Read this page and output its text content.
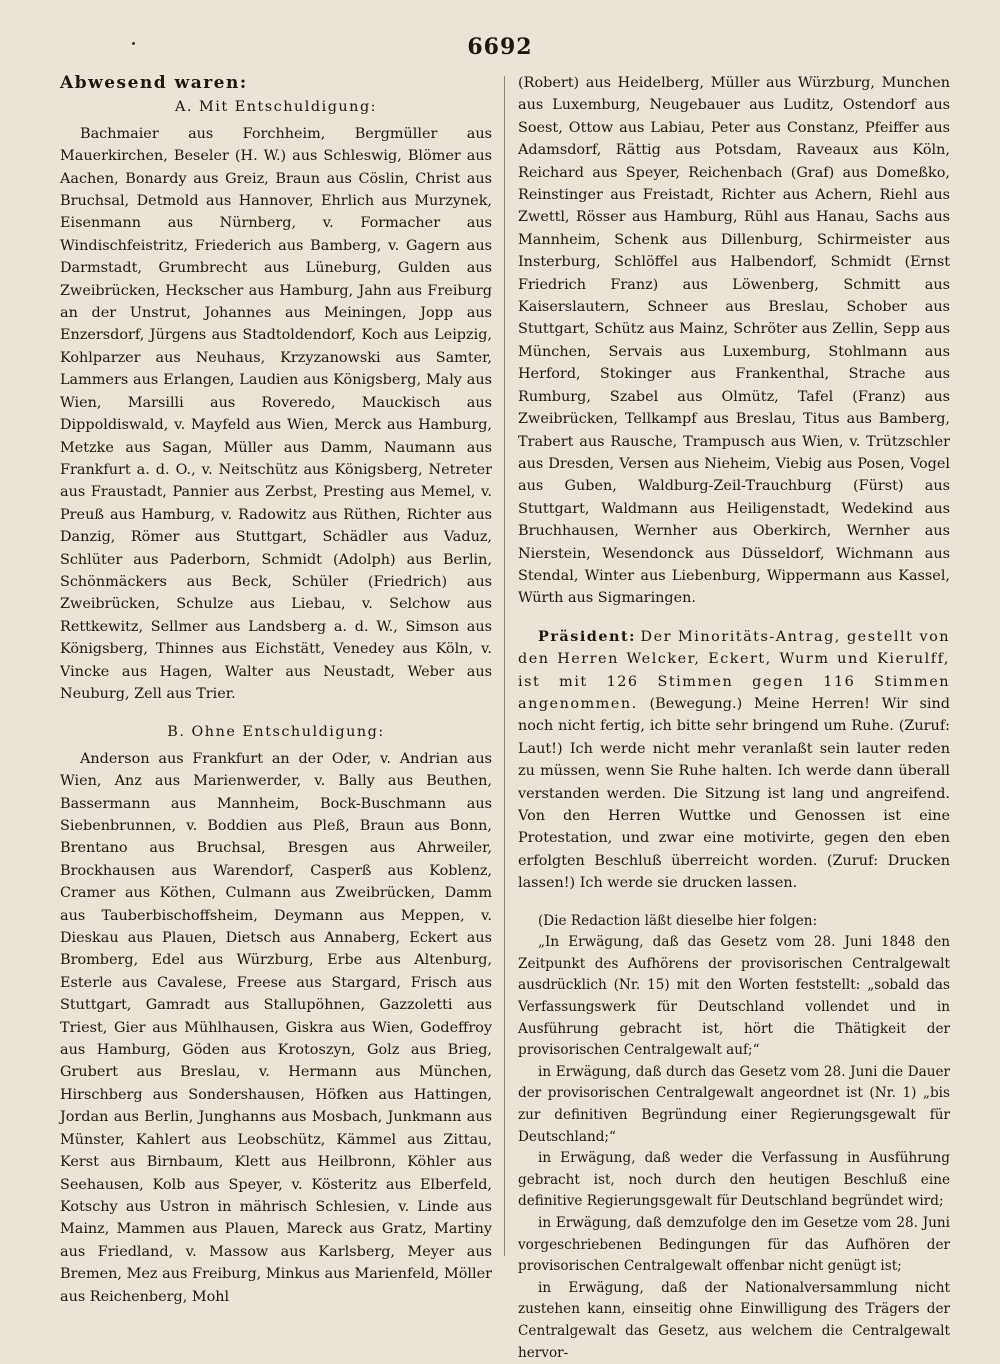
6692

Abwesend waren:

A. Mit Entschuldigung:

Bachmaier aus Forchheim, Bergmüller aus Mauerkirchen, Beseler (H. W.) aus Schleswig, Blömer aus Aachen, Bonardy aus Greiz, Braun aus Cöslin, Christ aus Bruchsal, Detmold aus Hannover, Ehrlich aus Murzynek, Eisenmann aus Nürnberg, v. Formacher aus Windischfeistritz, Friederich aus Bamberg, v. Gagern aus Darmstadt, Grumbrecht aus Lüneburg, Gulden aus Zweibrücken, Heckscher aus Hamburg, Jahn aus Freiburg an der Unstrut, Johannes aus Meiningen, Jopp aus Enzersdorf, Jürgens aus Stadtoldendorf, Koch aus Leipzig, Kohlparzer aus Neuhaus, Krzyzanowski aus Samter, Lammers aus Erlangen, Laudien aus Königsberg, Maly aus Wien, Marsilli aus Roveredo, Mauckisch aus Dippoldiswald, v. Mayfeld aus Wien, Merck aus Hamburg, Metzke aus Sagan, Müller aus Damm, Naumann aus Frankfurt a. d. O., v. Neitschütz aus Königsberg, Netreter aus Fraustadt, Pannier aus Zerbst, Presting aus Memel, v. Preuß aus Hamburg, v. Radowitz aus Rüthen, Richter aus Danzig, Römer aus Stuttgart, Schädler aus Vaduz, Schlüter aus Paderborn, Schmidt (Adolph) aus Berlin, Schönmäckers aus Beck, Schüler (Friedrich) aus Zweibrücken, Schulze aus Liebau, v. Selchow aus Rettkewitz, Sellmer aus Landsberg a. d. W., Simson aus Königsberg, Thinnes aus Eichstätt, Venedey aus Köln, v. Vincke aus Hagen, Walter aus Neustadt, Weber aus Neuburg, Zell aus Trier.

B. Ohne Entschuldigung:

Anderson aus Frankfurt an der Oder, v. Andrian aus Wien, Anz aus Marienwerder, v. Bally aus Beuthen, Bassermann aus Mannheim, Bock-Buschmann aus Siebenbrunnen, v. Boddien aus Pleß, Braun aus Bonn, Brentano aus Bruchsal, Bresgen aus Ahrweiler, Brockhausen aus Warendorf, Casperß aus Koblenz, Cramer aus Köthen, Culmann aus Zweibrücken, Damm aus Tauberbischoffsheim, Deymann aus Meppen, v. Dieskau aus Plauen, Dietsch aus Annaberg, Eckert aus Bromberg, Edel aus Würzburg, Erbe aus Altenburg, Esterle aus Cavalese, Freese aus Stargard, Frisch aus Stuttgart, Gamradt aus Stallupöhnen, Gazzoletti aus Triest, Gier aus Mühlhausen, Giskra aus Wien, Godeffroy aus Hamburg, Göden aus Krotoszyn, Golz aus Brieg, Grubert aus Breslau, v. Hermann aus München, Hirschberg aus Sondershausen, Höfken aus Hattingen, Jordan aus Berlin, Junghanns aus Mosbach, Junkmann aus Münster, Kahlert aus Leobschütz, Kämmel aus Zittau, Kerst aus Birnbaum, Klett aus Heilbronn, Köhler aus Seehausen, Kolb aus Speyer, v. Kösteritz aus Elberfeld, Kotschy aus Ustron in mährisch Schlesien, v. Linde aus Mainz, Mammen aus Plauen, Mareck aus Gratz, Martiny aus Friedland, v. Massow aus Karlsberg, Meyer aus Bremen, Mez aus Freiburg, Minkus aus Marienfeld, Möller aus Reichenberg, Mohl

(Robert) aus Heidelberg, Müller aus Würzburg, Munchen aus Luxemburg, Neugebauer aus Luditz, Ostendorf aus Soest, Ottow aus Labiau, Peter aus Constanz, Pfeiffer aus Adamsdorf, Rättig aus Potsdam, Raveaux aus Köln, Reichard aus Speyer, Reichenbach (Graf) aus Domeßko, Reinstinger aus Freistadt, Richter aus Achern, Riehl aus Zwettl, Rösser aus Hamburg, Rühl aus Hanau, Sachs aus Mannheim, Schenk aus Dillenburg, Schirmeister aus Insterburg, Schlöffel aus Halbendorf, Schmidt (Ernst Friedrich Franz) aus Löwenberg, Schmitt aus Kaiserslautern, Schneer aus Breslau, Schober aus Stuttgart, Schütz aus Mainz, Schröter aus Zellin, Sepp aus München, Servais aus Luxemburg, Stohlmann aus Herford, Stokinger aus Frankenthal, Strache aus Rumburg, Szabel aus Olmütz, Tafel (Franz) aus Zweibrücken, Tellkampf aus Breslau, Titus aus Bamberg, Trabert aus Rausche, Trampusch aus Wien, v. Trützschler aus Dresden, Versen aus Nieheim, Viebig aus Posen, Vogel aus Guben, Waldburg-Zeil-Trauchburg (Fürst) aus Stuttgart, Waldmann aus Heiligenstadt, Wedekind aus Bruchhausen, Wernher aus Oberkirch, Wernher aus Nierstein, Wesendonck aus Düsseldorf, Wichmann aus Stendal, Winter aus Liebenburg, Wippermann aus Kassel, Würth aus Sigmaringen.

Präsident: Der Minoritäts-Antrag, gestellt von den Herren Welcker, Eckert, Wurm und Kierulff, ist mit 126 Stimmen gegen 116 Stimmen angenommen. (Bewegung.) Meine Herren! Wir sind noch nicht fertig, ich bitte sehr bringend um Ruhe. (Zuruf: Laut!) Ich werde nicht mehr veranlaßt sein lauter reden zu müssen, wenn Sie Ruhe halten. Ich werde dann überall verstanden werden. Die Sitzung ist lang und angreifend. Von den Herren Wuttke und Genossen ist eine Protestation, und zwar eine motivirte, gegen den eben erfolgten Beschluß überreicht worden. (Zuruf: Drucken lassen!) Ich werde sie drucken lassen.

(Die Redaction läßt dieselbe hier folgen:

„In Erwägung, daß das Gesetz vom 28. Juni 1848 den Zeitpunkt des Aufhörens der provisorischen Centralgewalt ausdrücklich (Nr. 15) mit den Worten feststellt: „sobald das Verfassungswerk für Deutschland vollendet und in Ausführung gebracht ist, hört die Thätigkeit der provisorischen Centralgewalt auf;“

in Erwägung, daß durch das Gesetz vom 28. Juni die Dauer der provisorischen Centralgewalt angeordnet ist (Nr. 1) „bis zur definitiven Begründung einer Regierungsgewalt für Deutschland;“

in Erwägung, daß weder die Verfassung in Ausführung gebracht ist, noch durch den heutigen Beschluß eine definitive Regierungsgewalt für Deutschland begründet wird;

in Erwägung, daß demzufolge den im Gesetze vom 28. Juni vorgeschriebenen Bedingungen für das Aufhören der provisorischen Centralgewalt offenbar nicht genügt ist;

in Erwägung, daß der Nationalversammlung nicht zustehen kann, einseitig ohne Einwilligung des Trägers der Centralgewalt das Gesetz, aus welchem die Centralgewalt hervor-
